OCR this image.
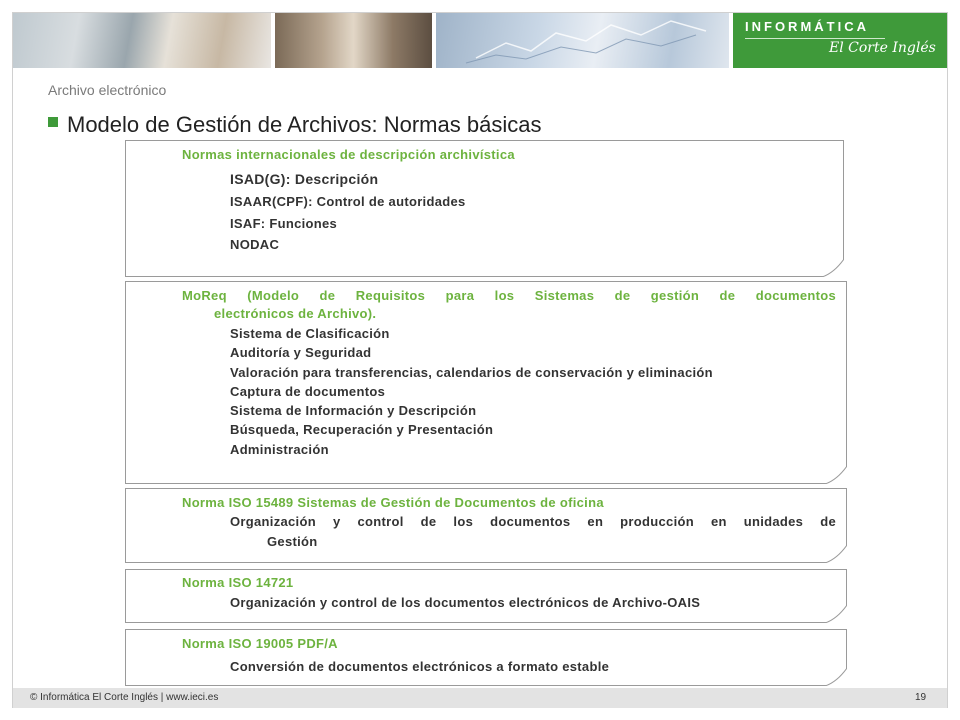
INFORMÁTICA
El Corte Inglés
Archivo electrónico
Modelo de Gestión de Archivos: Normas básicas
Normas internacionales de descripción archivística
ISAD(G): Descripción
ISAAR(CPF): Control de autoridades
ISAF: Funciones
NODAC
MoReq (Modelo de Requisitos para los Sistemas de gestión de documentos
electrónicos de Archivo).
Sistema de Clasificación
Auditoría y Seguridad
Valoración para transferencias, calendarios de conservación y eliminación
Captura de documentos
Sistema de Información y Descripción
Búsqueda, Recuperación y Presentación
Administración
Norma ISO 15489 Sistemas de Gestión de Documentos de oficina
Organización y control de los documentos en producción en unidades de
Gestión
Norma ISO 14721
Organización y control de los documentos electrónicos de Archivo-OAIS
Norma ISO 19005 PDF/A
Conversión de documentos electrónicos a formato estable
© Informática El Corte Inglés | www.ieci.es	19
